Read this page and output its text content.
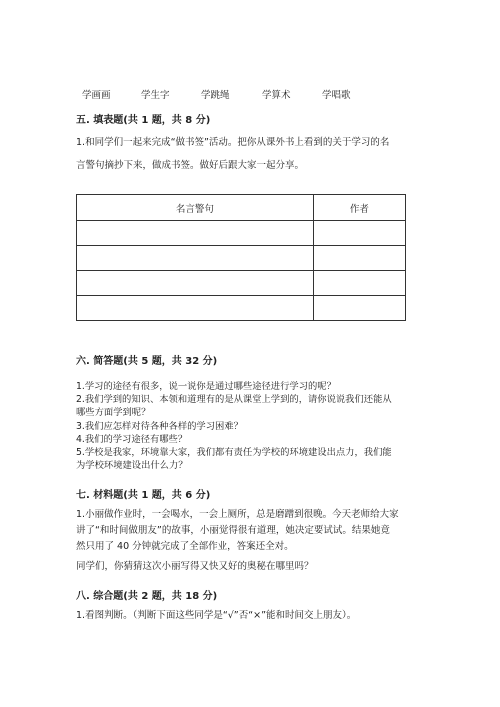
学画画	学生字	学跳绳	学算术	学唱歌
五. 填表题(共 1 题，共 8 分)
1.和同学们一起来完成“做书签”活动。把你从课外书上看到的关于学习的名
言警句摘抄下来，做成书签。做好后跟大家一起分享。
名言警句	作者

六. 简答题(共 5 题，共 32 分)
1.学习的途径有很多，说一说你是通过哪些途径进行学习的呢？
2.我们学到的知识、本领和道理有的是从课堂上学到的，请你说说我们还能从
哪些方面学到呢？
3.我们应怎样对待各种各样的学习困难？
4.我们的学习途径有哪些？
5.学校是我家，环境靠大家，我们都有责任为学校的环境建设出点力，我们能
为学校环境建设出什么力？
七. 材料题(共 1 题，共 6 分)
1.小丽做作业时，一会喝水，一会上厕所，总是磨蹭到很晚。今天老师给大家
讲了“和时间做朋友”的故事，小丽觉得很有道理，她决定要试试。结果她竟
然只用了 40 分钟就完成了全部作业，答案还全对。
同学们，你猜猜这次小丽写得又快又好的奥秘在哪里吗？
八. 综合题(共 2 题，共 18 分)
1.看图判断。（判断下面这些同学是“√”否“×”能和时间交上朋友）。
